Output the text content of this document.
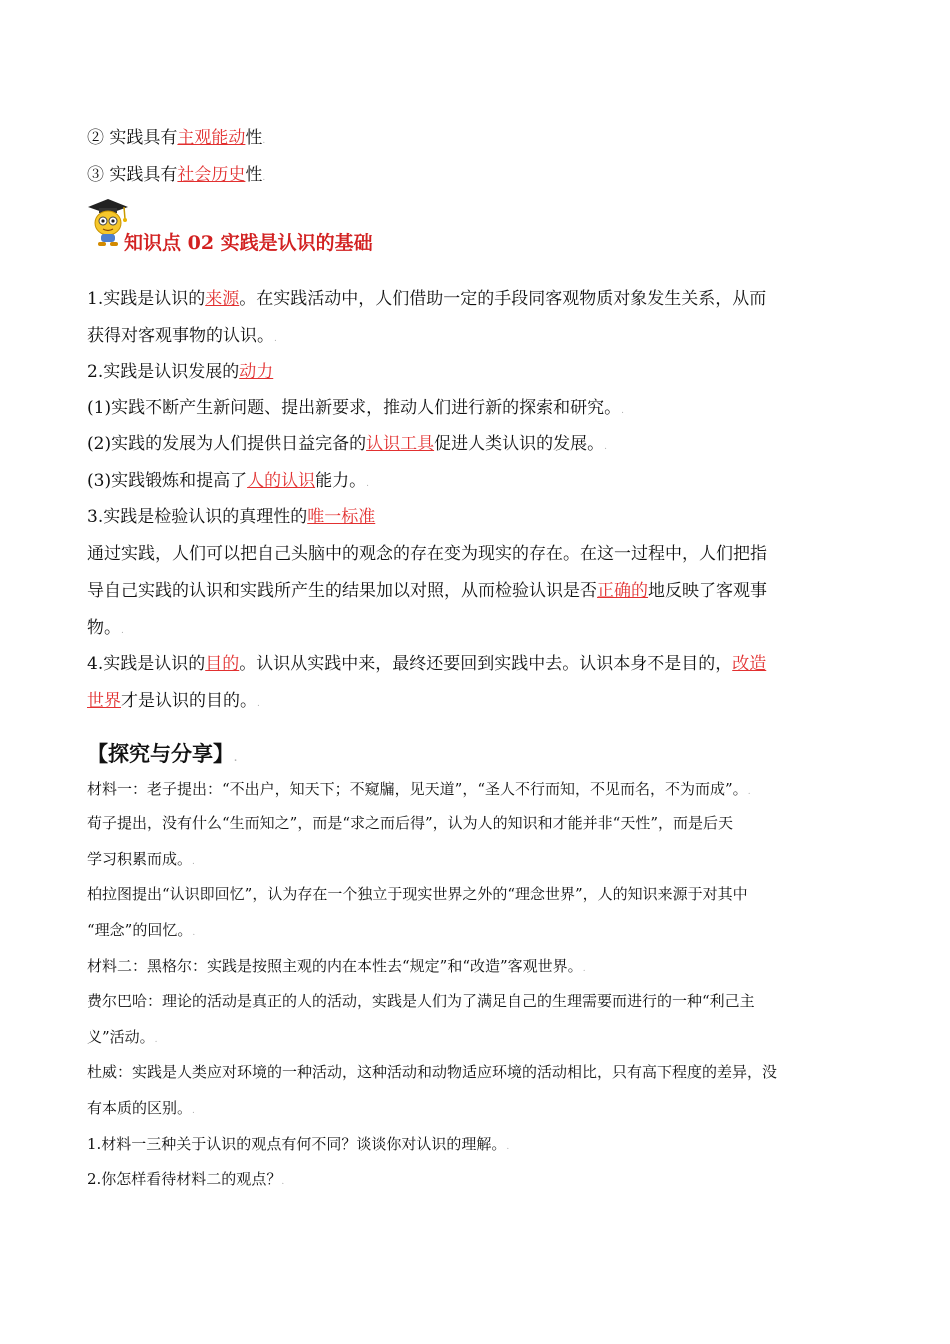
② 实践具有主观能动性.
③ 实践具有社会历史性.
知识点 02 实践是认识的基础
1.实践是认识的来源。在实践活动中，人们借助一定的手段同客观物质对象发生关系，从而
获得对客观事物的认识。.
2.实践是认识发展的动力
(1)实践不断产生新问题、提出新要求，推动人们进行新的探索和研究。.
(2)实践的发展为人们提供日益完备的认识工具促进人类认识的发展。.
(3)实践锻炼和提高了人的认识能力。.
3.实践是检验认识的真理性的唯一标准
通过实践，人们可以把自己头脑中的观念的存在变为现实的存在。在这一过程中，人们把指
导自己实践的认识和实践所产生的结果加以对照，从而检验认识是否正确的地反映了客观事
物。.
4.实践是认识的目的。认识从实践中来，最终还要回到实践中去。认识本身不是目的，改造
世界才是认识的目的。.
【探究与分享】.
材料一：老子提出：“不出户，知天下；不窥牖，见天道”，“圣人不行而知，不见而名，不为而成”。.
荀子提出，没有什么“生而知之”，而是“求之而后得”，认为人的知识和才能并非“天性”，而是后天
学习积累而成。.
柏拉图提出“认识即回忆”，认为存在一个独立于现实世界之外的“理念世界”，人的知识来源于对其中
“理念”的回忆。.
材料二：黑格尔：实践是按照主观的内在本性去“规定”和“改造”客观世界。.
费尔巴哈：理论的活动是真正的人的活动，实践是人们为了满足自己的生理需要而进行的一种“利己主
义”活动。.
杜威：实践是人类应对环境的一种活动，这种活动和动物适应环境的活动相比，只有高下程度的差异，没
有本质的区别。.
1.材料一三种关于认识的观点有何不同？谈谈你对认识的理解。.
2.你怎样看待材料二的观点？.
